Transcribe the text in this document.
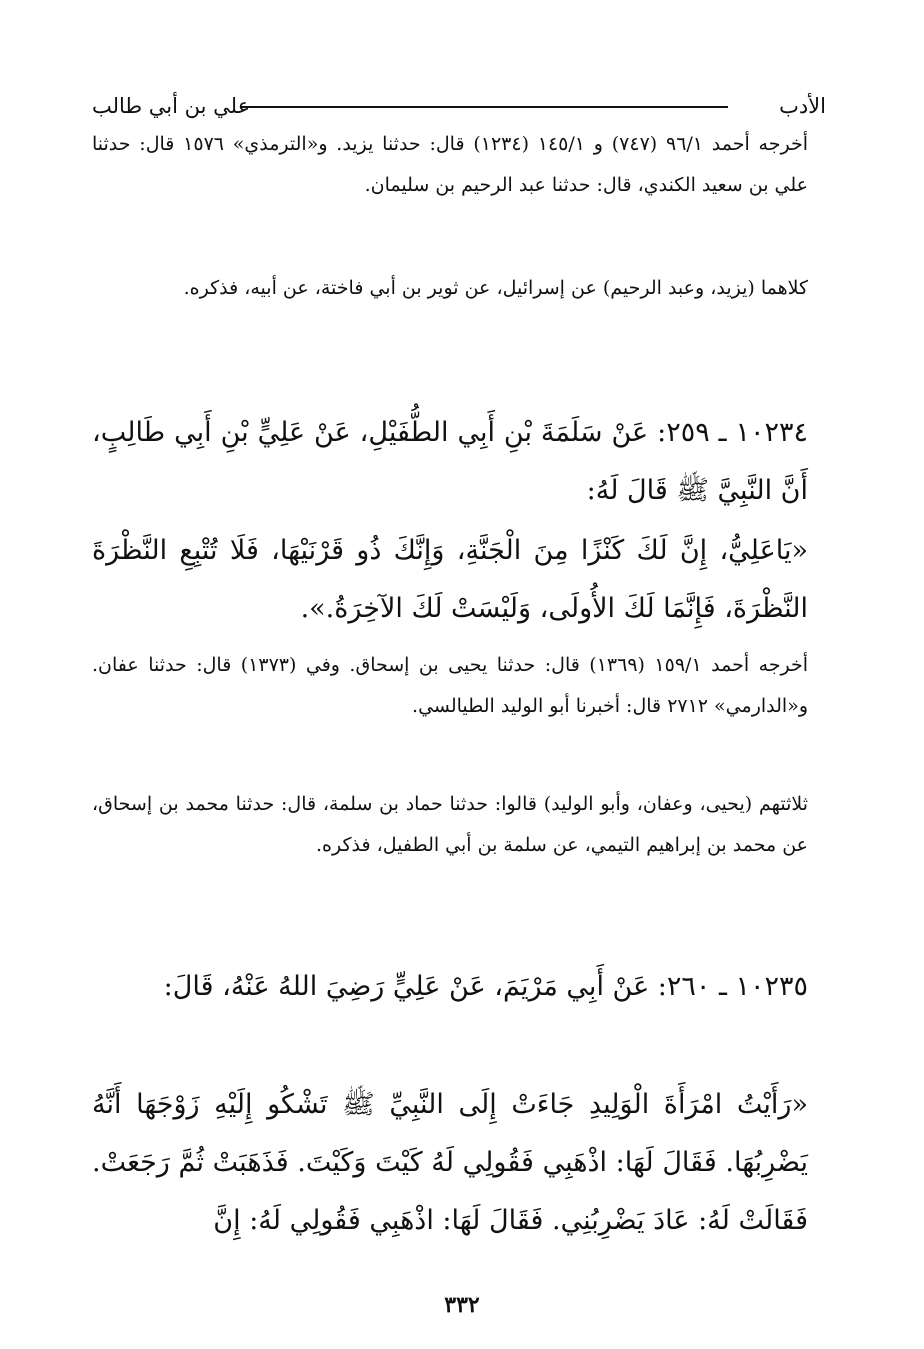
الأدب
علي بن أبي طالب

أخرجه أحمد ٩٦/١ (٧٤٧) و ١٤٥/١ (١٢٣٤) قال: حدثنا يزيد. و«الترمذي» ١٥٧٦ قال: حدثنا علي بن سعيد الكندي، قال: حدثنا عبد الرحيم بن سليمان.

كلاهما (يزيد، وعبد الرحيم) عن إسرائيل، عن ثوير بن أبي فاختة، عن أبيه، فذكره.

١٠٢٣٤ ـ ٢٥٩: عَنْ سَلَمَةَ بْنِ أَبِي الطُّفَيْلِ، عَنْ عَلِيٍّ بْنِ أَبِي طَالِبٍ، أَنَّ النَّبِيَّ ﷺ قَالَ لَهُ:

«يَاعَلِيُّ، إِنَّ لَكَ كَنْزًا مِنَ الْجَنَّةِ، وَإِنَّكَ ذُو قَرْنَيْهَا، فَلَا تُتْبِعِ النَّظْرَةَ النَّظْرَةَ، فَإِنَّمَا لَكَ الأُولَى، وَلَيْسَتْ لَكَ الآخِرَةُ.».

أخرجه أحمد ١٥٩/١ (١٣٦٩) قال: حدثنا يحيى بن إسحاق. وفي (١٣٧٣) قال: حدثنا عفان. و«الدارمي» ٢٧١٢ قال: أخبرنا أبو الوليد الطيالسي.

ثلاثتهم (يحيى، وعفان، وأبو الوليد) قالوا: حدثنا حماد بن سلمة، قال: حدثنا محمد بن إسحاق، عن محمد بن إبراهيم التيمي، عن سلمة بن أبي الطفيل، فذكره.

١٠٢٣٥ ـ ٢٦٠: عَنْ أَبِي مَرْيَمَ، عَنْ عَلِيٍّ رَضِيَ اللهُ عَنْهُ، قَالَ:

«رَأَيْتُ امْرَأَةَ الْوَلِيدِ جَاءَتْ إِلَى النَّبِيِّ ﷺ تَشْكُو إِلَيْهِ زَوْجَهَا أَنَّهُ يَضْرِبُهَا. فَقَالَ لَهَا: اذْهَبِي فَقُولِي لَهُ كَيْتَ وَكَيْتَ. فَذَهَبَتْ ثُمَّ رَجَعَتْ. فَقَالَتْ لَهُ: عَادَ يَضْرِبُنِي. فَقَالَ لَهَا: اذْهَبِي فَقُولِي لَهُ: إِنَّ

٣٣٢
